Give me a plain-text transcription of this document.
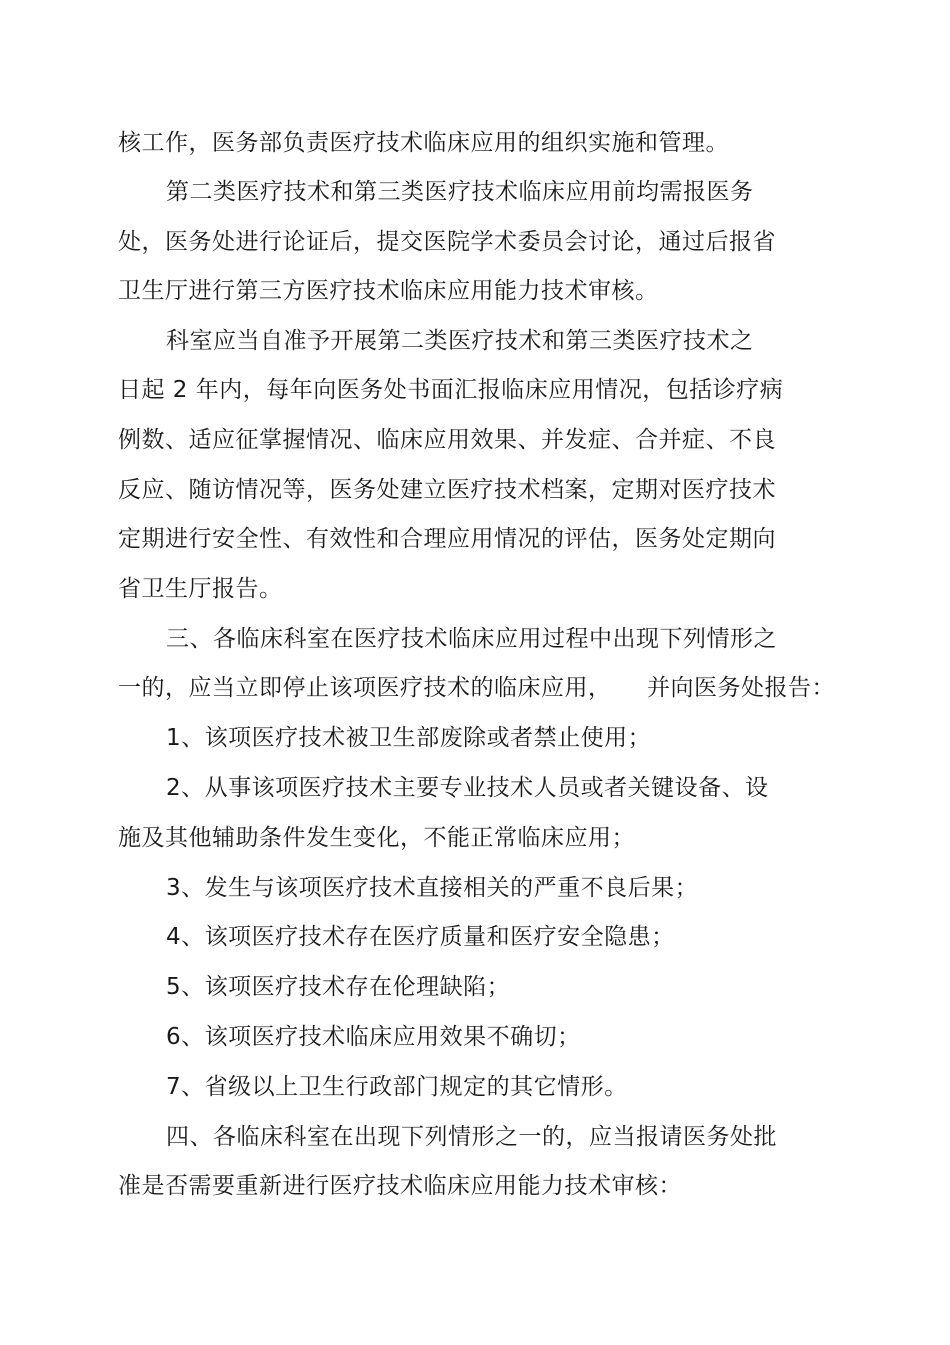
核工作，医务部负责医疗技术临床应用的组织实施和管理。

第二类医疗技术和第三类医疗技术临床应用前均需报医务

处，医务处进行论证后，提交医院学术委员会讨论，通过后报省

卫生厅进行第三方医疗技术临床应用能力技术审核。

科室应当自准予开展第二类医疗技术和第三类医疗技术之

日起 2 年内，每年向医务处书面汇报临床应用情况，包括诊疗病

例数、适应征掌握情况、临床应用效果、并发症、合并症、不良

反应、随访情况等，医务处建立医疗技术档案，定期对医疗技术

定期进行安全性、有效性和合理应用情况的评估，医务处定期向

省卫生厅报告。

三、各临床科室在医疗技术临床应用过程中出现下列情形之

一的，应当立即停止该项医疗技术的临床应用，　　并向医务处报告：

1、该项医疗技术被卫生部废除或者禁止使用；

2、从事该项医疗技术主要专业技术人员或者关键设备、设

施及其他辅助条件发生变化，不能正常临床应用；

3、发生与该项医疗技术直接相关的严重不良后果；

4、该项医疗技术存在医疗质量和医疗安全隐患；

5、该项医疗技术存在伦理缺陷；

6、该项医疗技术临床应用效果不确切；

7、省级以上卫生行政部门规定的其它情形。

四、各临床科室在出现下列情形之一的，应当报请医务处批

准是否需要重新进行医疗技术临床应用能力技术审核：
